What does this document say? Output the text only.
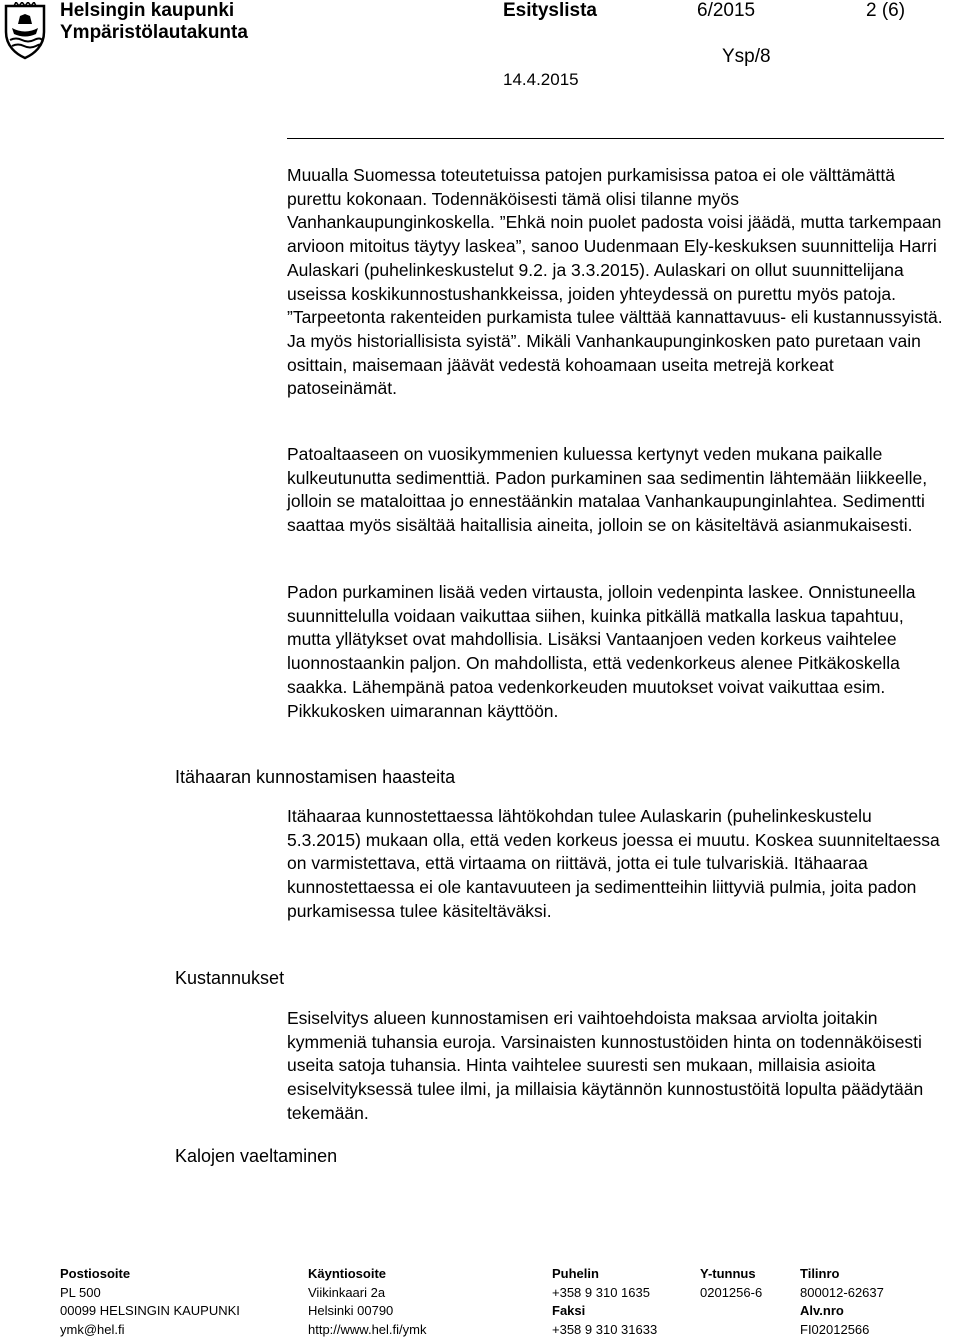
Helsingin kaupunki
Ympäristölautakunta
Esityslista	6/2015	2 (6)
Ysp/8
14.4.2015
Muualla Suomessa toteutetuissa patojen purkamisissa patoa ei ole välttämättä purettu kokonaan. Todennäköisesti tämä olisi tilanne myös Vanhankaupunginkoskella. ”Ehkä noin puolet padosta voisi jäädä, mutta tarkempaan arvioon mitoitus täytyy laskea”, sanoo Uudenmaan Ely-keskuksen suunnittelija Harri Aulaskari (puhelinkeskustelut 9.2. ja 3.3.2015). Aulaskari on ollut suunnittelijana useissa koskikunnostushankkeissa, joiden yhteydessä on purettu myös patoja. ”Tarpeetonta rakenteiden purkamista tulee välttää kannattavuus- eli kustannussyistä. Ja myös historiallisista syistä”. Mikäli Vanhankaupunginkosken pato puretaan vain osittain, maisemaan jäävät vedestä kohoamaan useita metrejä korkeat patoseinämät.
Patoaltaaseen on vuosikymmenien kuluessa kertynyt veden mukana paikalle kulkeutunutta sedimenttiä. Padon purkaminen saa sedimentin lähtemään liikkeelle, jolloin se mataloittaa jo ennestäänkin matalaa Vanhankaupunginlahtea. Sedimentti saattaa myös sisältää haitallisia aineita, jolloin se on käsiteltävä asianmukaisesti.
Padon purkaminen lisää veden virtausta, jolloin vedenpinta laskee. Onnistuneella suunnittelulla voidaan vaikuttaa siihen, kuinka pitkällä matkalla laskua tapahtuu, mutta yllätykset ovat mahdollisia. Lisäksi Vantaanjoen veden korkeus vaihtelee luonnostaankin paljon. On mahdollista, että vedenkorkeus alenee Pitkäkoskella saakka. Lähempänä patoa vedenkorkeuden muutokset voivat vaikuttaa esim. Pikkukosken uimarannan käyttöön.
Itähaaraa kunnostettaessa lähtökohdan tulee Aulaskarin (puhelinkeskustelu 5.3.2015) mukaan olla, että veden korkeus joessa ei muutu. Koskea suunniteltaessa on varmistettava, että virtaama on riittävä, jotta ei tule tulvariskiä. Itähaaraa kunnostettaessa ei ole kantavuuteen ja sedimentteihin liittyviä pulmia, joita padon purkamisessa tulee käsiteltäväksi.
Esiselvitys alueen kunnostamisen eri vaihtoehdoista maksaa arviolta joitakin kymmeniä tuhansia euroja. Varsinaisten kunnostustöiden hinta on todennäköisesti useita satoja tuhansia. Hinta vaihtelee suuresti sen mukaan, millaisia asioita esiselvityksessä tulee ilmi, ja millaisia käytännön kunnostustöitä lopulta päädytään tekemään.
Itähaaran kunnostamisen haasteita
Kustannukset
Kalojen vaeltaminen
Postiosoite
PL 500
00099 HELSINGIN KAUPUNKI
ymk@hel.fi
Käyntiosoite
Viikinkaari 2a
Helsinki 00790
http://www.hel.fi/ymk
Puhelin
+358 9 310 1635
Faksi
+358 9 310 31633
Y-tunnus
0201256-6
Tilinro
800012-62637
Alv.nro
FI02012566
